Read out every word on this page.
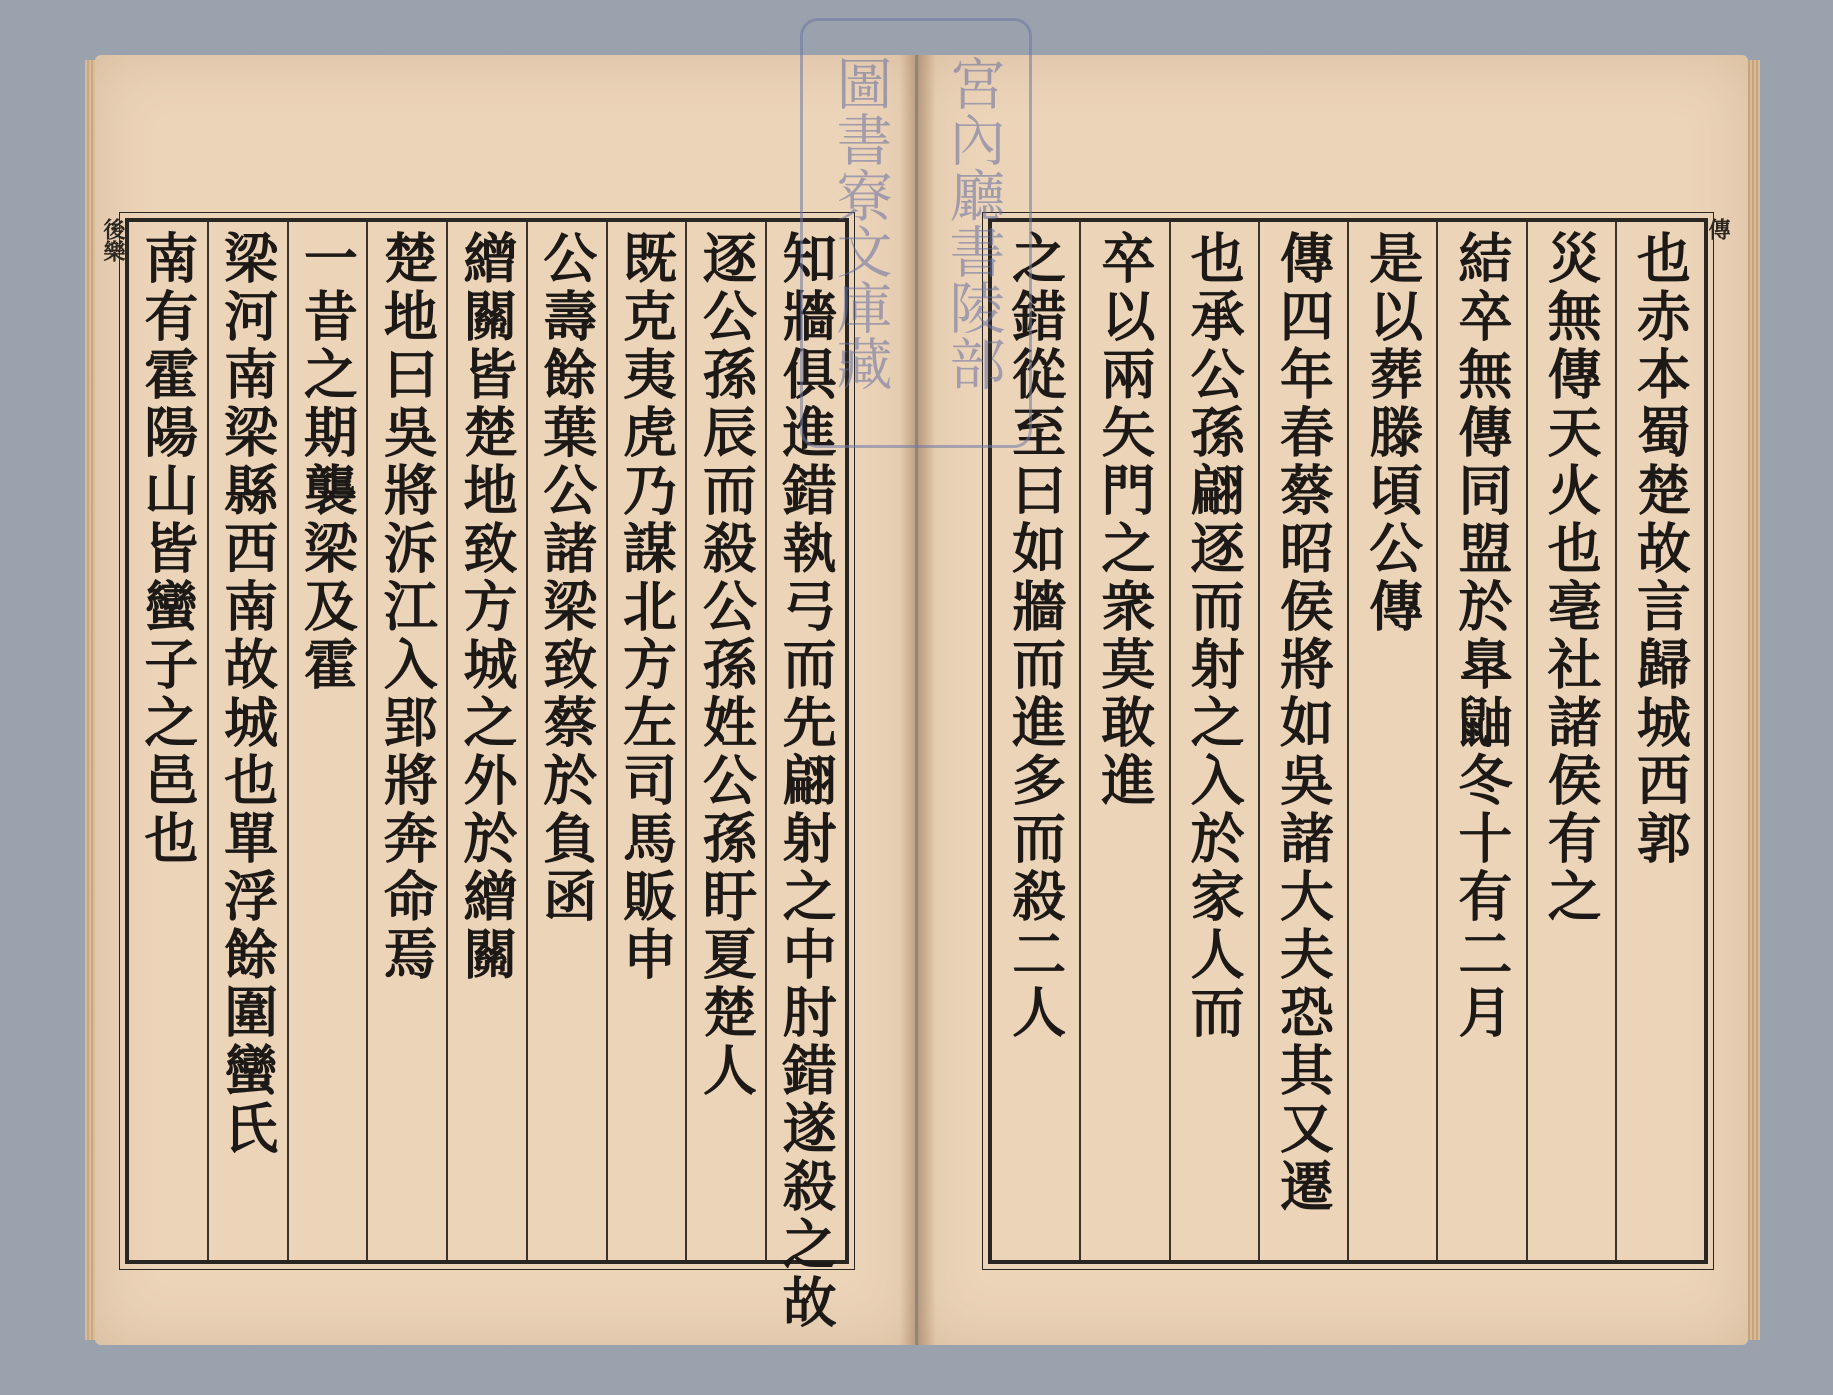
知牆俱進錯執弓而先翩射之中肘錯遂殺之故
逐公孫辰而殺公孫姓公孫盱夏楚人
既克夷虎乃謀北方左司馬販申
公壽餘葉公諸梁致蔡於負函
繒關皆楚地致方城之外於繒關
楚地曰吳將泝江入郢將奔命焉
一昔之期襲梁及霍
梁河南梁縣西南故城也單浮餘圍蠻氏
南有霍陽山皆蠻子之邑也
後樂	也赤本蜀楚故言歸城西郭
災無傳天火也亳社諸侯有之
結卒無傳同盟於臯鼬冬十有二月
是以葬滕頃公傳
傳四年春蔡昭侯將如吳諸大夫恐其又遷
也承公孫翩逐而射之入於家人而
卒以兩矢門之衆莫敢進
之錯從至曰如牆而進多而殺二人
傳
宮內廳書陵部
圖書寮文庫藏
